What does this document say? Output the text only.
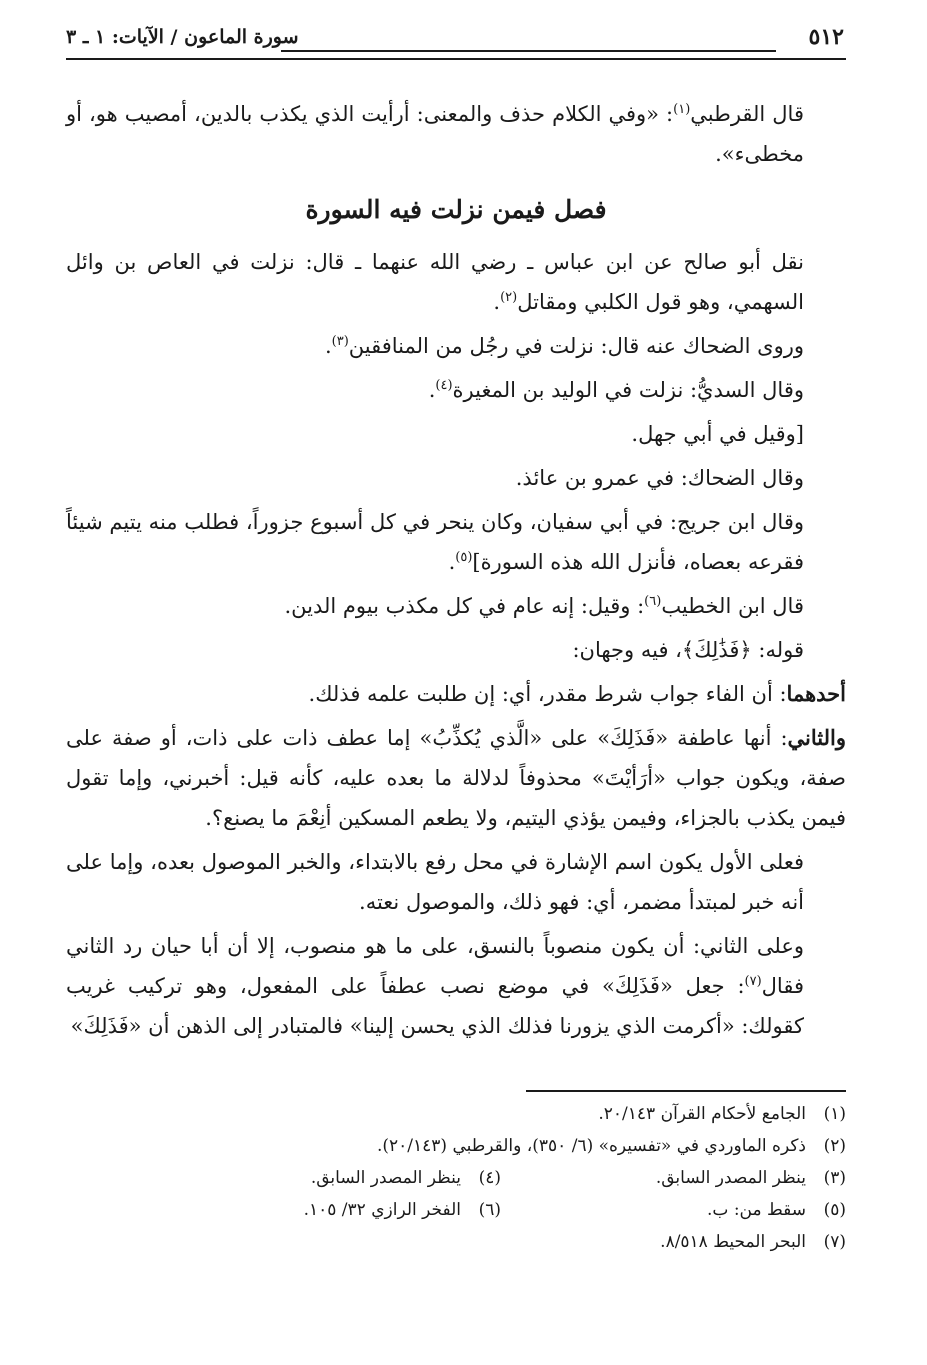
٥١٢
سورة الماعون / الآيات: ١ ـ ٣

قال القرطبي$^{(١)}$: «وفي الكلام حذف والمعنى: أرأيت الذي يكذب بالدين، أمصيب هو، أو مخطىء».

فصل فيمن نزلت فيه السورة

نقل أبو صالح عن ابن عباس ـ رضي الله عنهما ـ قال: نزلت في العاص بن وائل السهمي، وهو قول الكلبي ومقاتل$^{(٢)}$.

وروى الضحاك عنه قال: نزلت في رجُل من المنافقين$^{(٣)}$.

وقال السديُّ: نزلت في الوليد بن المغيرة$^{(٤)}$.

[وقيل في أبي جهل.

وقال الضحاك: في عمرو بن عائذ.

وقال ابن جريج: في أبي سفيان، وكان ينحر في كل أسبوع جزوراً، فطلب منه يتيم شيئاً فقرعه بعصاه، فأنزل الله هذه السورة]$^{(٥)}$.

قال ابن الخطيب$^{(٦)}$: وقيل: إنه عام في كل مكذب بيوم الدين.

قوله: ﴿فَذَٰلِكَ﴾، فيه وجهان:

أحدهما: أن الفاء جواب شرط مقدر، أي: إن طلبت علمه فذلك.

والثاني: أنها عاطفة «فَذَلِكَ» على «الَّذي يُكذِّبُ» إما عطف ذات على ذات، أو صفة على صفة، ويكون جواب «أرَأيْتَ» محذوفاً لدلالة ما بعده عليه، كأنه قيل: أخبرني، وإما تقول فيمن يكذب بالجزاء، وفيمن يؤذي اليتيم، ولا يطعم المسكين أنِعْمَ ما يصنع؟.

فعلى الأول يكون اسم الإشارة في محل رفع بالابتداء، والخبر الموصول بعده، وإما على أنه خبر لمبتدأ مضمر، أي: فهو ذلك، والموصول نعته.

وعلى الثاني: أن يكون منصوباً بالنسق، على ما هو منصوب، إلا أن أبا حيان رد الثاني فقال$^{(٧)}$: جعل «فَذَلِكَ» في موضع نصب عطفاً على المفعول، وهو تركيب غريب كقولك: «أكرمت الذي يزورنا فذلك الذي يحسن إلينا» فالمتبادر إلى الذهن أن «فَذَلِكَ»

(١)الجامع لأحكام القرآن ٢٠/١٤٣.
(٢)ذكره الماوردي في «تفسيره» (٦/ ٣٥٠)، والقرطبي (٢٠/١٤٣).
(٣)ينظر المصدر السابق.
(٤)ينظر المصدر السابق.
(٥)سقط من: ب.
(٦)الفخر الرازي ٣٢/ ١٠٥.
(٧)البحر المحيط ٨/٥١٨.
